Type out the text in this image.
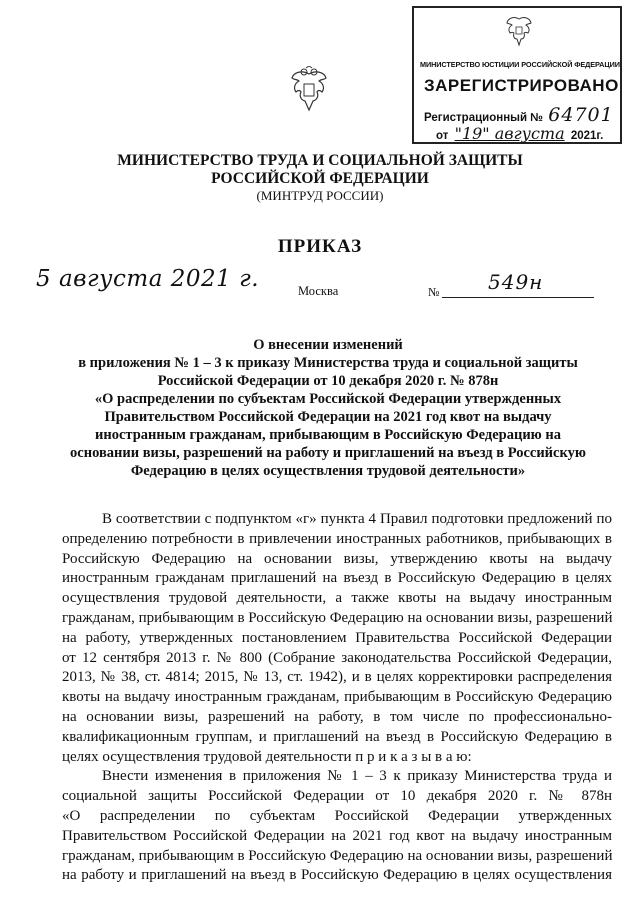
МИНИСТЕРСТВО ЮСТИЦИИ РОССИЙСКОЙ ФЕДЕРАЦИИ
ЗАРЕГИСТРИРОВАНО
Регистрационный № 64701
от "19" августа 2021г.
МИНИСТЕРСТВО ТРУДА И СОЦИАЛЬНОЙ ЗАЩИТЫ
РОССИЙСКОЙ ФЕДЕРАЦИИ
(МИНТРУД РОССИИ)
ПРИКАЗ
5 августа 2021 г.	Москва	№ 549н
О внесении изменений
в приложения № 1 – 3 к приказу Министерства труда и социальной защиты
Российской Федерации от 10 декабря 2020 г. № 878н
«О распределении по субъектам Российской Федерации утвержденных
Правительством Российской Федерации на 2021 год квот на выдачу
иностранным гражданам, прибывающим в Российскую Федерацию на
основании визы, разрешений на работу и приглашений на въезд в Российскую
Федерацию в целях осуществления трудовой деятельности»
В соответствии с подпунктом «г» пункта 4 Правил подготовки предложений по
определению потребности в привлечении иностранных работников, прибывающих в
Российскую Федерацию на основании визы, утверждению квоты на выдачу
иностранным гражданам приглашений на въезд в Российскую Федерацию в целях
осуществления трудовой деятельности, а также квоты на выдачу иностранным
гражданам, прибывающим в Российскую Федерацию на основании визы, разрешений
на работу, утвержденных постановлением Правительства Российской Федерации
от 12 сентября 2013 г. № 800 (Собрание законодательства Российской Федерации,
2013, № 38, ст. 4814; 2015, № 13, ст. 1942), и в целях корректировки распределения
квоты на выдачу иностранным гражданам, прибывающим в Российскую Федерацию
на основании визы, разрешений на работу, в том числе по профессионально-
квалификационным группам, и приглашений на въезд в Российскую Федерацию в
целях осуществления трудовой деятельности п р и к а з ы в а ю:
Внести изменения в приложения № 1 – 3 к приказу Министерства труда и
социальной защиты Российской Федерации от 10 декабря 2020 г. № 878н
«О распределении по субъектам Российской Федерации утвержденных
Правительством Российской Федерации на 2021 год квот на выдачу иностранным
гражданам, прибывающим в Российскую Федерацию на основании визы, разрешений
на работу и приглашений на въезд в Российскую Федерацию в целях осуществления
